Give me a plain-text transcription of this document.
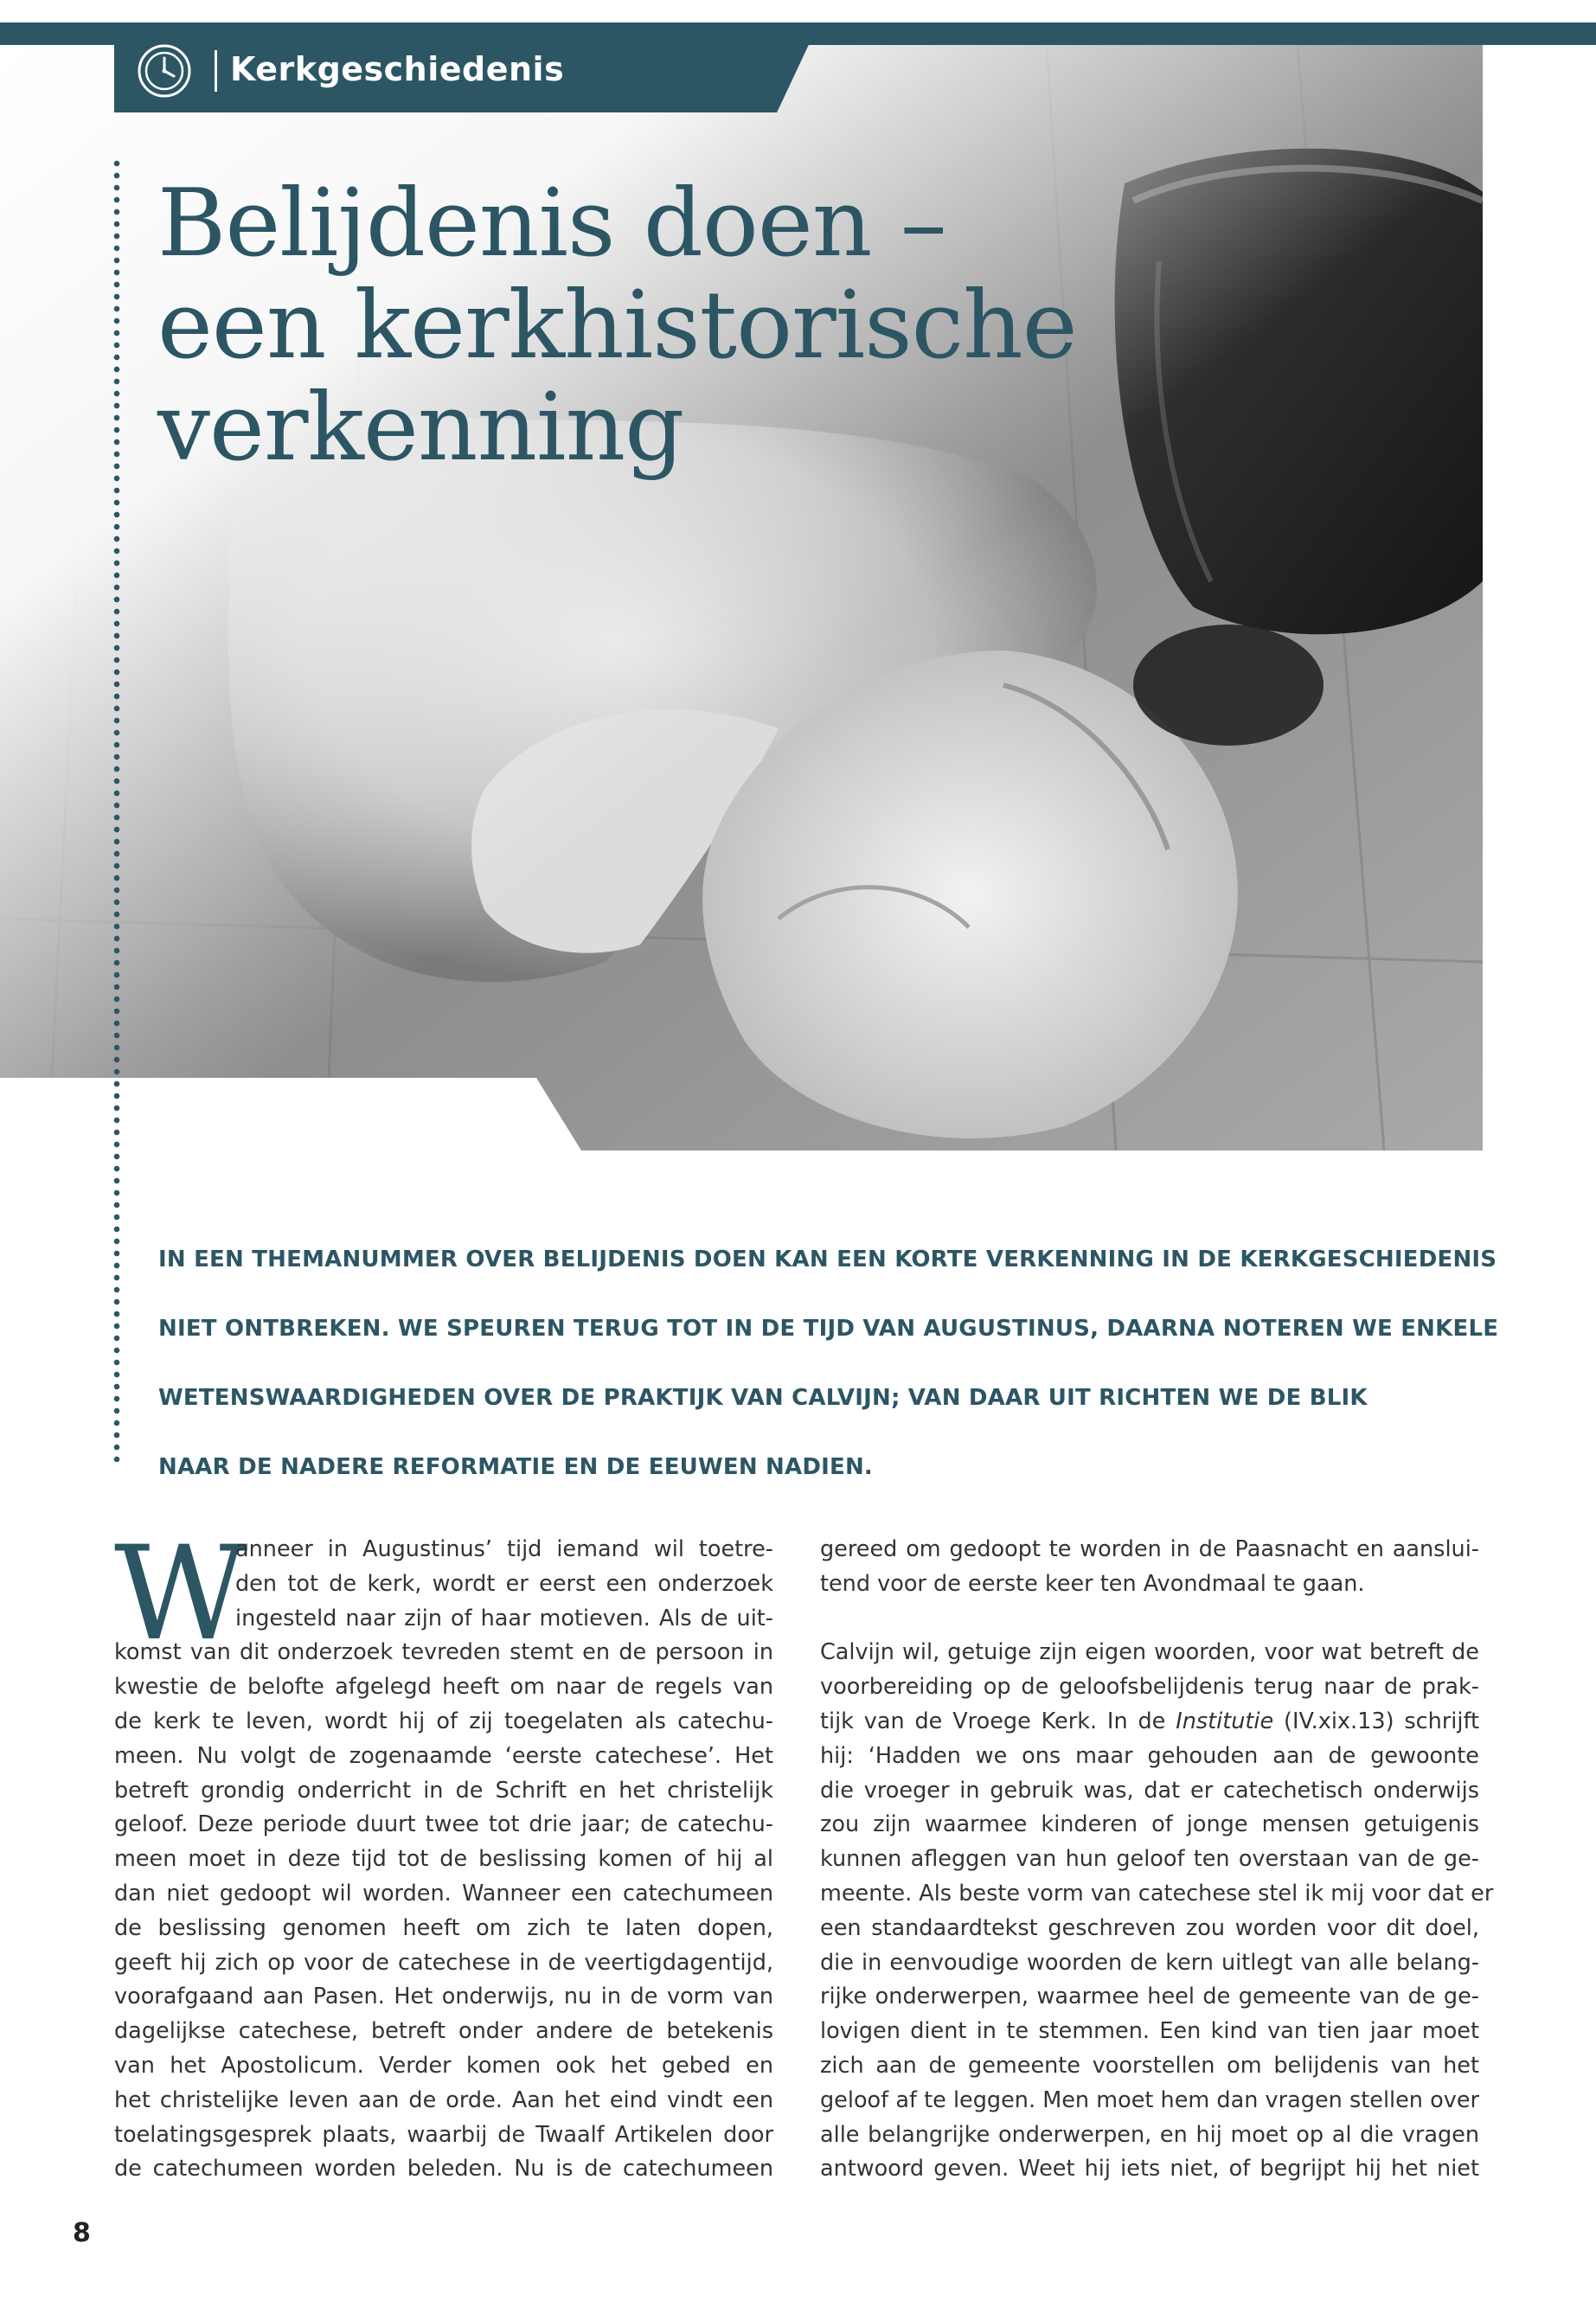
Kerkgeschiedenis
Belijdenis doen –
een kerkhistorische
verkenning

IN EEN THEMANUMMER OVER BELIJDENIS DOEN KAN EEN KORTE VERKENNING IN DE KERKGESCHIEDENIS
NIET ONTBREKEN. WE SPEUREN TERUG TOT IN DE TIJD VAN AUGUSTINUS, DAARNA NOTEREN WE ENKELE
WETENSWAARDIGHEDEN OVER DE PRAKTIJK VAN CALVIJN; VAN DAAR UIT RICHTEN WE DE BLIK
NAAR DE NADERE REFORMATIE EN DE EEUWEN NADIEN.

W
anneer in Augustinus’ tijd iemand wil toetre-
den tot de kerk, wordt er eerst een onderzoek
ingesteld naar zijn of haar motieven. Als de uit-
komst van dit onderzoek tevreden stemt en de persoon in
kwestie de belofte afgelegd heeft om naar de regels van
de kerk te leven, wordt hij of zij toegelaten als catechu-
meen. Nu volgt de zogenaamde ‘eerste catechese’. Het
betreft grondig onderricht in de Schrift en het christelijk
geloof. Deze periode duurt twee tot drie jaar; de catechu-
meen moet in deze tijd tot de beslissing komen of hij al
dan niet gedoopt wil worden. Wanneer een catechumeen
de beslissing genomen heeft om zich te laten dopen,
geeft hij zich op voor de catechese in de veertigdagentijd,
voorafgaand aan Pasen. Het onderwijs, nu in de vorm van
dagelijkse catechese, betreft onder andere de betekenis
van het Apostolicum. Verder komen ook het gebed en
het christelijke leven aan de orde. Aan het eind vindt een
toelatingsgesprek plaats, waarbij de Twaalf Artikelen door
de catechumeen worden beleden. Nu is de catechumeen
gereed om gedoopt te worden in de Paasnacht en aanslui-
tend voor de eerste keer ten Avondmaal te gaan.
Calvijn wil, getuige zijn eigen woorden, voor wat betreft de
voorbereiding op de geloofsbelijdenis terug naar de prak-
tijk van de Vroege Kerk. In de Institutie (IV.xix.13) schrijft
hij: ‘Hadden we ons maar gehouden aan de gewoonte
die vroeger in gebruik was, dat er catechetisch onderwijs
zou zijn waarmee kinderen of jonge mensen getuigenis
kunnen afleggen van hun geloof ten overstaan van de ge-
meente. Als beste vorm van catechese stel ik mij voor dat er
een standaardtekst geschreven zou worden voor dit doel,
die in eenvoudige woorden de kern uitlegt van alle belang-
rijke onderwerpen, waarmee heel de gemeente van de ge-
lovigen dient in te stemmen. Een kind van tien jaar moet
zich aan de gemeente voorstellen om belijdenis van het
geloof af te leggen. Men moet hem dan vragen stellen over
alle belangrijke onderwerpen, en hij moet op al die vragen
antwoord geven. Weet hij iets niet, of begrijpt hij het niet
8
